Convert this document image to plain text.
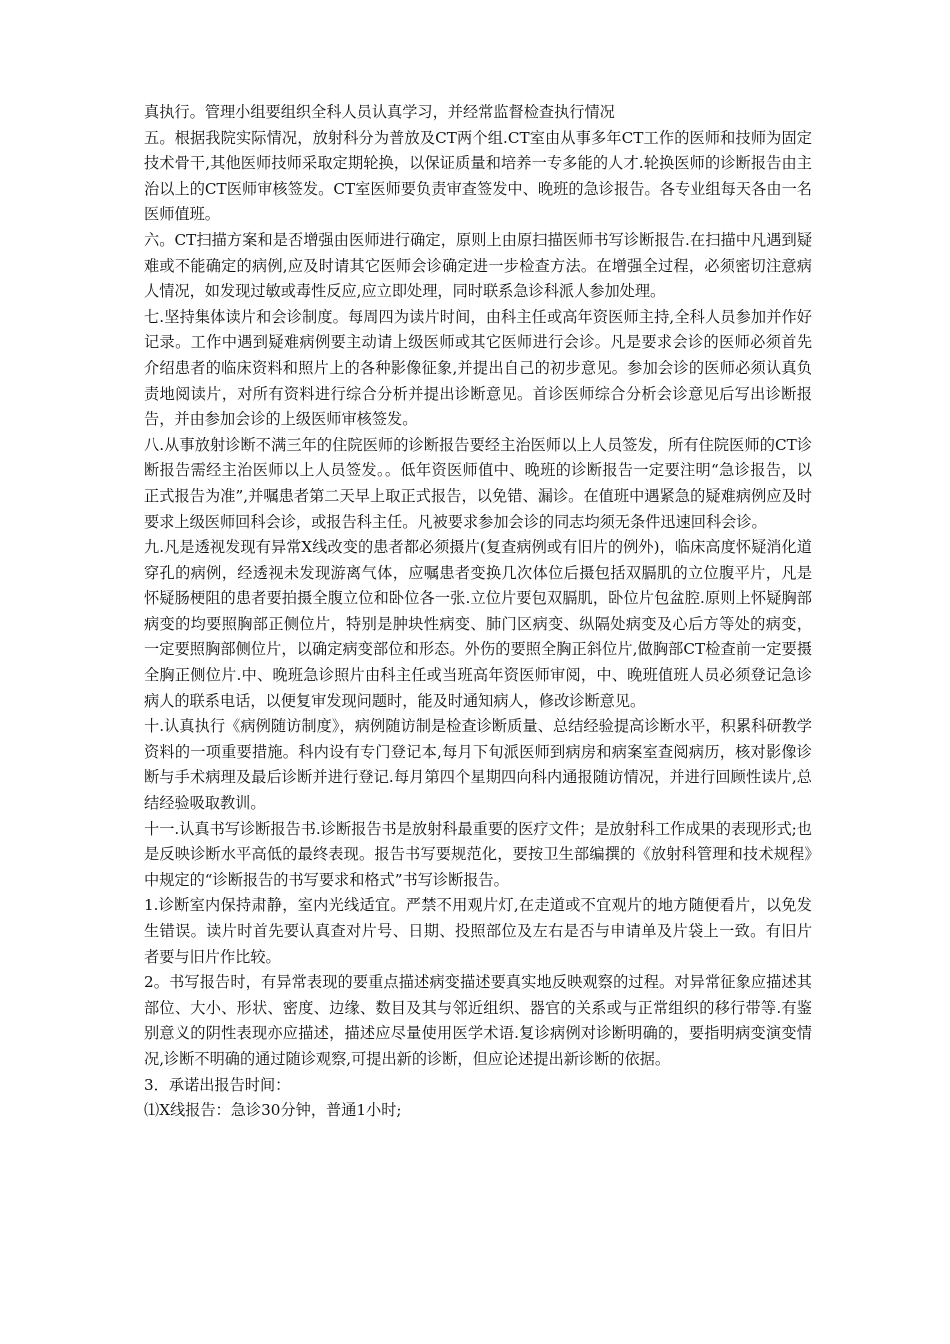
真执行。管理小组要组织全科人员认真学习，并经常监督检查执行情况

五。根据我院实际情况，放射科分为普放及CT两个组.CT室由从事多年CT工作的医师和技师为固定技术骨干,其他医师技师采取定期轮换，以保证质量和培养一专多能的人才.轮换医师的诊断报告由主治以上的CT医师审核签发。CT室医师要负责审查签发中、晚班的急诊报告。各专业组每天各由一名医师值班。

六。CT扫描方案和是否增强由医师进行确定，原则上由原扫描医师书写诊断报告.在扫描中凡遇到疑难或不能确定的病例,应及时请其它医师会诊确定进一步检查方法。在增强全过程，必须密切注意病人情况，如发现过敏或毒性反应,应立即处理，同时联系急诊科派人参加处理。

七.坚持集体读片和会诊制度。每周四为读片时间，由科主任或高年资医师主持,全科人员参加并作好记录。工作中遇到疑难病例要主动请上级医师或其它医师进行会诊。凡是要求会诊的医师必须首先介绍患者的临床资料和照片上的各种影像征象,并提出自己的初步意见。参加会诊的医师必须认真负责地阅读片，对所有资料进行综合分析并提出诊断意见。首诊医师综合分析会诊意见后写出诊断报告，并由参加会诊的上级医师审核签发。

八.从事放射诊断不满三年的住院医师的诊断报告要经主治医师以上人员签发，所有住院医师的CT诊断报告需经主治医师以上人员签发。。低年资医师值中、晚班的诊断报告一定要注明“急诊报告，以正式报告为准”,并嘱患者第二天早上取正式报告，以免错、漏诊。在值班中遇紧急的疑难病例应及时要求上级医师回科会诊，或报告科主任。凡被要求参加会诊的同志均须无条件迅速回科会诊。

九.凡是透视发现有异常X线改变的患者都必须摄片(复查病例或有旧片的例外)，临床高度怀疑消化道穿孔的病例，经透视未发现游离气体，应嘱患者变换几次体位后摄包括双膈肌的立位腹平片，凡是怀疑肠梗阻的患者要拍摄全腹立位和卧位各一张.立位片要包双膈肌，卧位片包盆腔.原则上怀疑胸部病变的均要照胸部正侧位片，特别是肿块性病变、肺门区病变、纵隔处病变及心后方等处的病变，一定要照胸部侧位片，以确定病变部位和形态。外伤的要照全胸正斜位片,做胸部CT检查前一定要摄全胸正侧位片.中、晚班急诊照片由科主任或当班高年资医师审阅，中、晚班值班人员必须登记急诊病人的联系电话，以便复审发现问题时，能及时通知病人，修改诊断意见。

十.认真执行《病例随访制度》，病例随访制是检查诊断质量、总结经验提高诊断水平，积累科研教学资料的一项重要措施。科内设有专门登记本,每月下旬派医师到病房和病案室查阅病历，核对影像诊断与手术病理及最后诊断并进行登记.每月第四个星期四向科内通报随访情况，并进行回顾性读片,总结经验吸取教训。

十一.认真书写诊断报告书.诊断报告书是放射科最重要的医疗文件；是放射科工作成果的表现形式;也是反映诊断水平高低的最终表现。报告书写要规范化，要按卫生部编撰的《放射科管理和技术规程》中规定的“诊断报告的书写要求和格式”书写诊断报告。

1.诊断室内保持肃静，室内光线适宜。严禁不用观片灯,在走道或不宜观片的地方随便看片，以免发生错误。读片时首先要认真查对片号、日期、投照部位及左右是否与申请单及片袋上一致。有旧片者要与旧片作比较。

2。书写报告时，有异常表现的要重点描述病变描述要真实地反映观察的过程。对异常征象应描述其部位、大小、形状、密度、边缘、数目及其与邻近组织、器官的关系或与正常组织的移行带等.有鉴别意义的阴性表现亦应描述，描述应尽量使用医学术语.复诊病例对诊断明确的，要指明病变演变情况,诊断不明确的通过随诊观察,可提出新的诊断，但应论述提出新诊断的依据。

3．承诺出报告时间：

⑴X线报告：急诊30分钟，普通1小时;
